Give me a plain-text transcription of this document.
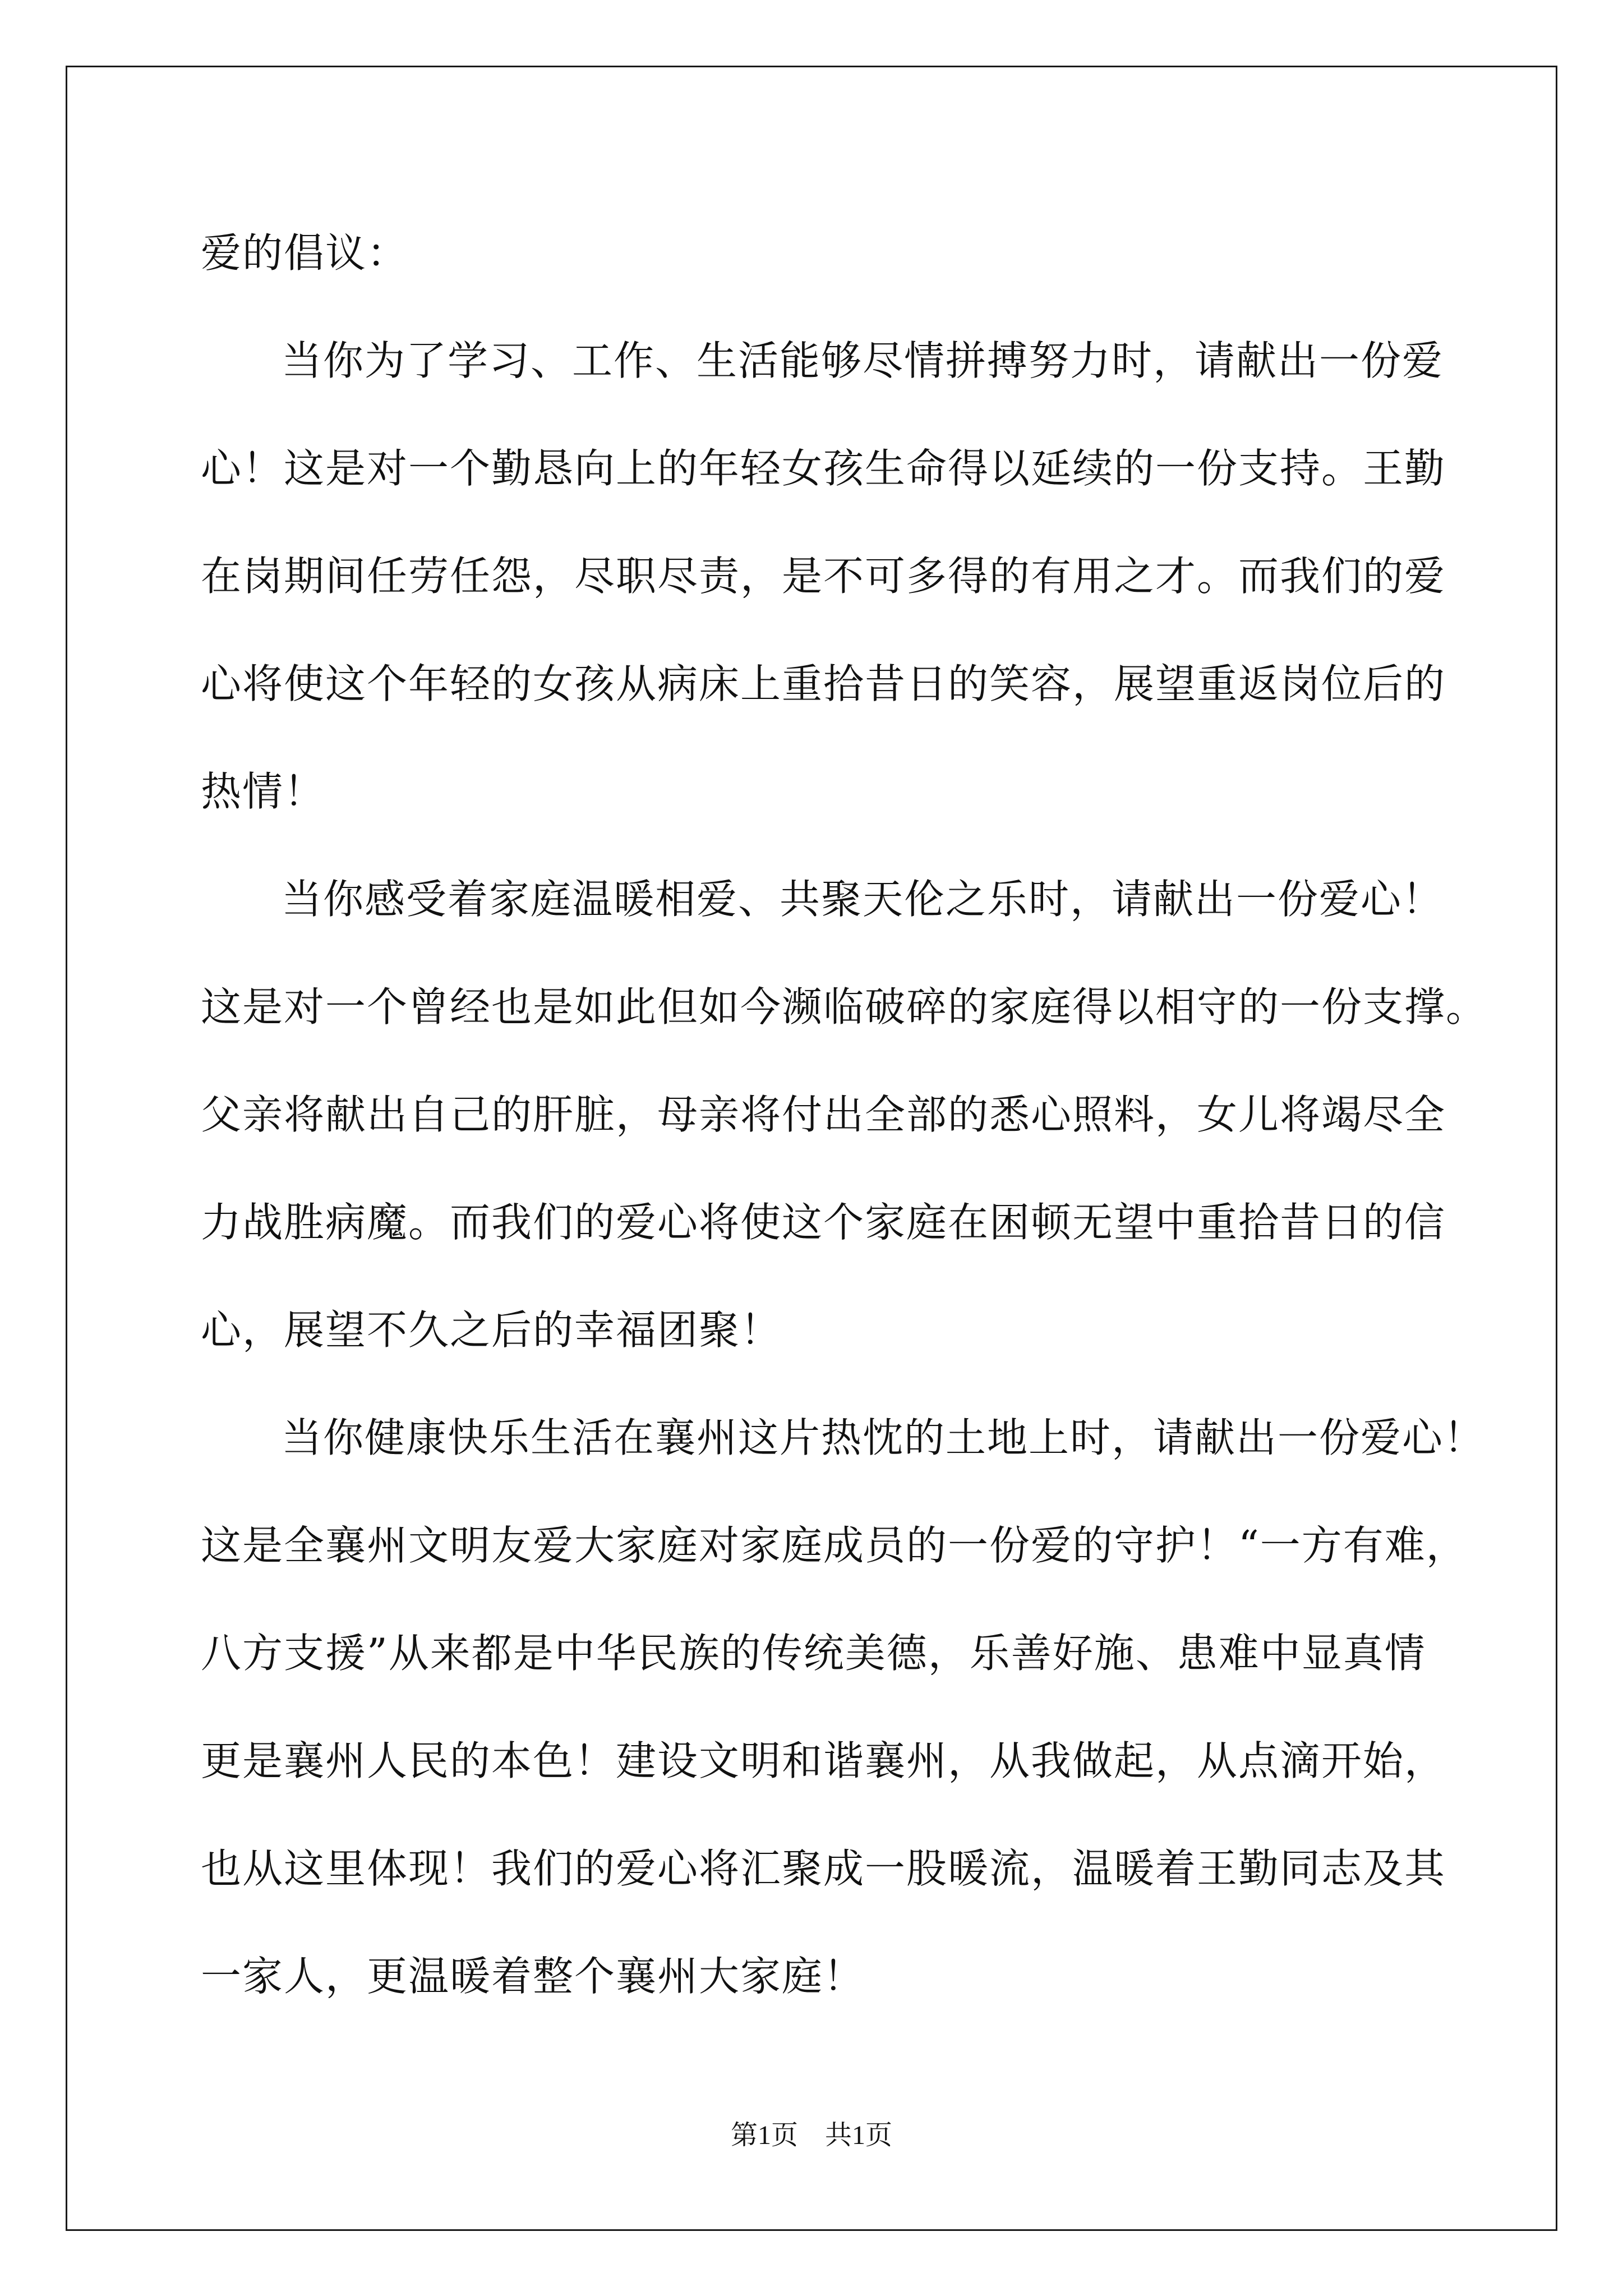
爱的倡议：

当你为了学习、工作、生活能够尽情拼搏努力时，请献出一份爱

心！这是对一个勤恳向上的年轻女孩生命得以延续的一份支持。王勤

在岗期间任劳任怨，尽职尽责，是不可多得的有用之才。而我们的爱

心将使这个年轻的女孩从病床上重拾昔日的笑容，展望重返岗位后的

热情！

当你感受着家庭温暖相爱、共聚天伦之乐时，请献出一份爱心！

这是对一个曾经也是如此但如今濒临破碎的家庭得以相守的一份支撑。

父亲将献出自己的肝脏，母亲将付出全部的悉心照料，女儿将竭尽全

力战胜病魔。而我们的爱心将使这个家庭在困顿无望中重拾昔日的信

心，展望不久之后的幸福团聚！

当你健康快乐生活在襄州这片热忱的土地上时，请献出一份爱心！

这是全襄州文明友爱大家庭对家庭成员的一份爱的守护！“一方有难，

八方支援”从来都是中华民族的传统美德，乐善好施、患难中显真情

更是襄州人民的本色！建设文明和谐襄州，从我做起，从点滴开始，

也从这里体现！我们的爱心将汇聚成一股暖流，温暖着王勤同志及其

一家人，更温暖着整个襄州大家庭！

第1页　共1页
